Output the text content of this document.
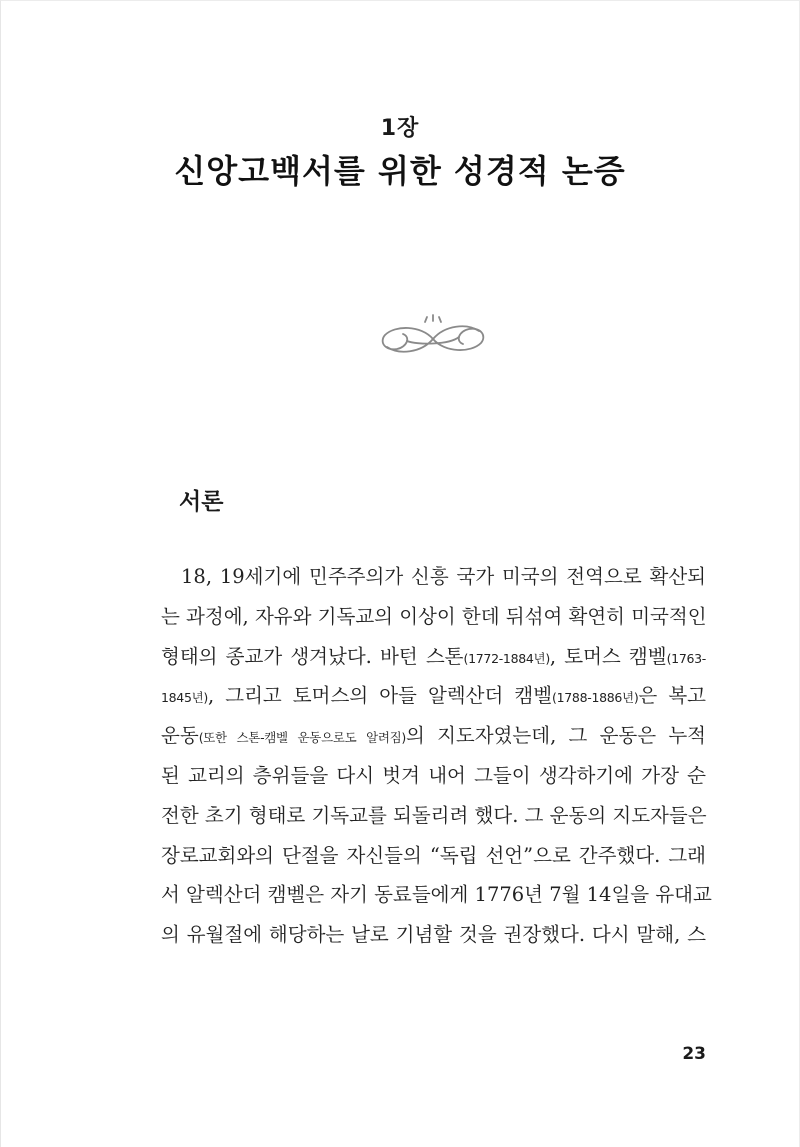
1장
신앙고백서를 위한 성경적 논증
서론
18, 19세기에 민주주의가 신흥 국가 미국의 전역으로 확산되
는 과정에, 자유와 기독교의 이상이 한데 뒤섞여 확연히 미국적인
형태의 종교가 생겨났다. 바턴 스톤(1772-1884년), 토머스 캠벨(1763-
1845년), 그리고 토머스의 아들 알렉산더 캠벨(1788-1886년)은 복고
운동(또한 스톤-캠벨 운동으로도 알려짐)의 지도자였는데, 그 운동은 누적
된 교리의 층위들을 다시 벗겨 내어 그들이 생각하기에 가장 순
전한 초기 형태로 기독교를 되돌리려 했다. 그 운동의 지도자들은
장로교회와의 단절을 자신들의 “독립 선언”으로 간주했다. 그래
서 알렉산더 캠벨은 자기 동료들에게 1776년 7월 14일을 유대교
의 유월절에 해당하는 날로 기념할 것을 권장했다. 다시 말해, 스
23
